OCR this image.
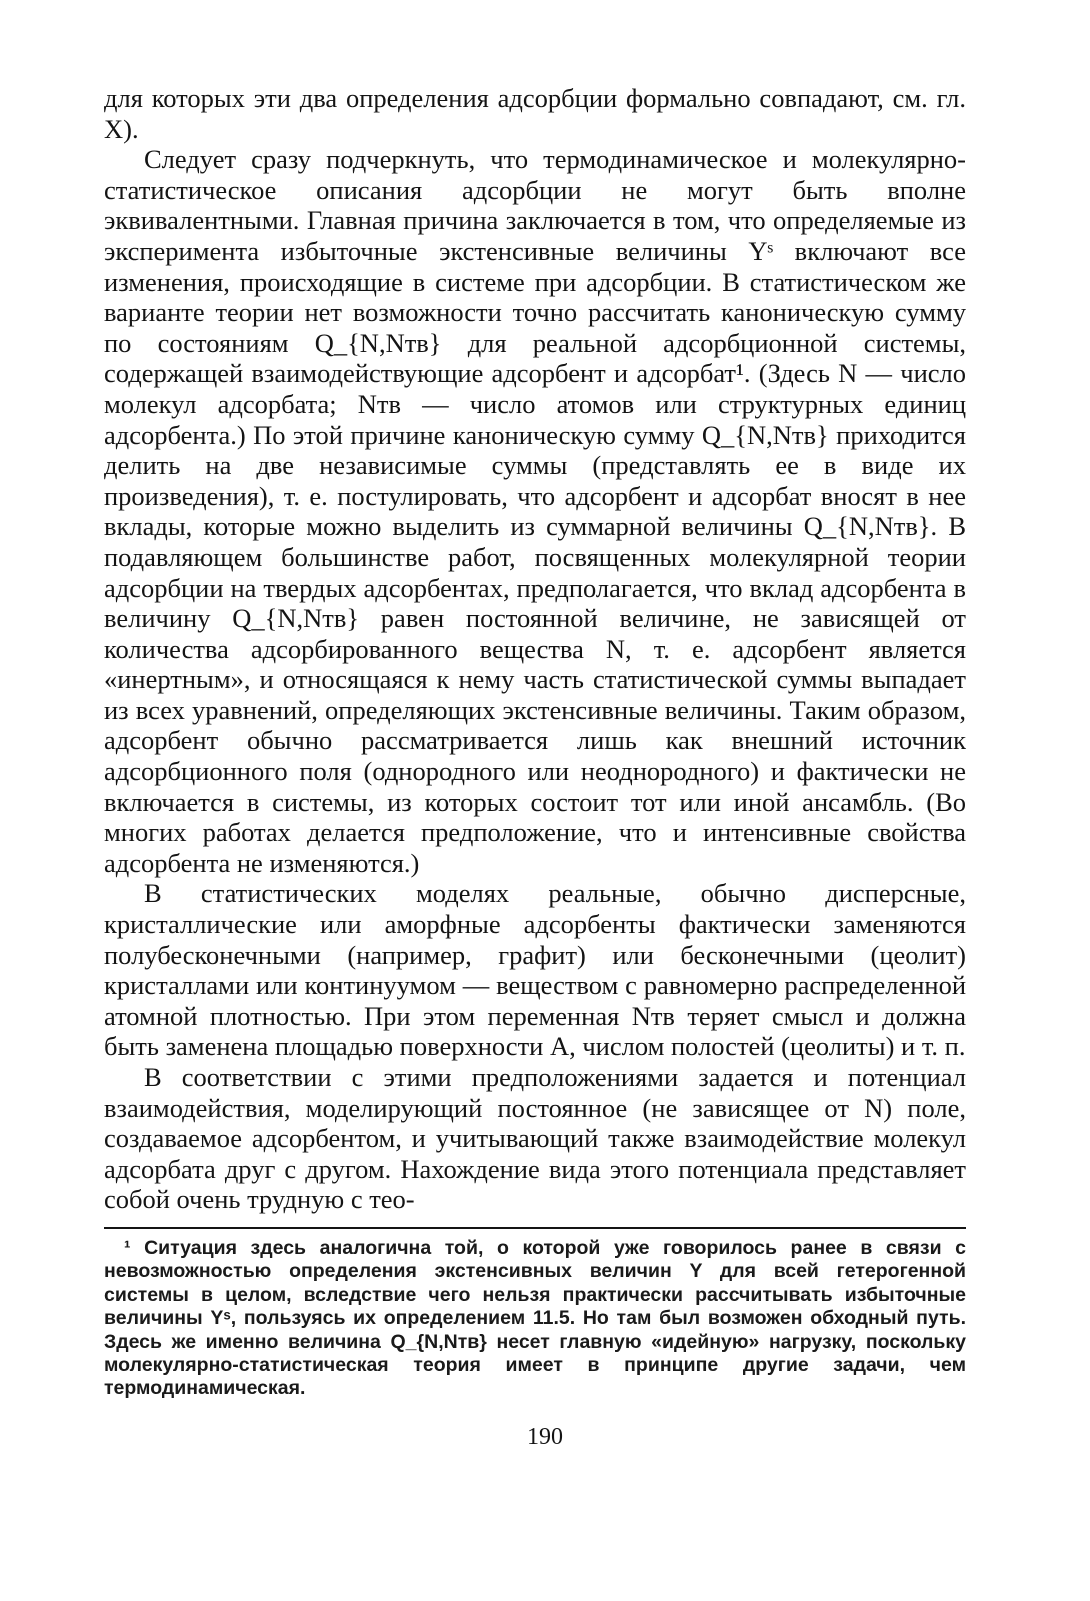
для которых эти два определения адсорбции формально совпадают, см. гл. X).

Следует сразу подчеркнуть, что термодинамическое и молекулярно-статистическое описания адсорбции не могут быть вполне эквивалентными. Главная причина заключается в том, что определяемые из эксперимента избыточные экстенсивные величины Yˢ включают все изменения, происходящие в системе при адсорбции. В статистическом же варианте теории нет возможности точно рассчитать каноническую сумму по состояниям Q_{N,Nтв} для реальной адсорбционной системы, содержащей взаимодействующие адсорбент и адсорбат¹. (Здесь N — число молекул адсорбата; Nтв — число атомов или структурных единиц адсорбента.) По этой причине каноническую сумму Q_{N,Nтв} приходится делить на две независимые суммы (представлять ее в виде их произведения), т. е. постулировать, что адсорбент и адсорбат вносят в нее вклады, которые можно выделить из суммарной величины Q_{N,Nтв}. В подавляющем большинстве работ, посвященных молекулярной теории адсорбции на твердых адсорбентах, предполагается, что вклад адсорбента в величину Q_{N,Nтв} равен постоянной величине, не зависящей от количества адсорбированного вещества N, т. е. адсорбент является «инертным», и относящаяся к нему часть статистической суммы выпадает из всех уравнений, определяющих экстенсивные величины. Таким образом, адсорбент обычно рассматривается лишь как внешний источник адсорбционного поля (однородного или неоднородного) и фактически не включается в системы, из которых состоит тот или иной ансамбль. (Во многих работах делается предположение, что и интенсивные свойства адсорбента не изменяются.)

В статистических моделях реальные, обычно дисперсные, кристаллические или аморфные адсорбенты фактически заменяются полубесконечными (например, графит) или бесконечными (цеолит) кристаллами или континуумом — веществом с равномерно распределенной атомной плотностью. При этом переменная Nтв теряет смысл и должна быть заменена площадью поверхности A, числом полостей (цеолиты) и т. п.

В соответствии с этими предположениями задается и потенциал взаимодействия, моделирующий постоянное (не зависящее от N) поле, создаваемое адсорбентом, и учитывающий также взаимодействие молекул адсорбата друг с другом. Нахождение вида этого потенциала представляет собой очень трудную с тео-

¹ Ситуация здесь аналогична той, о которой уже говорилось ранее в связи с невозможностью определения экстенсивных величин Y для всей гетерогенной системы в целом, вследствие чего нельзя практически рассчитывать избыточные величины Yˢ, пользуясь их определением 11.5. Но там был возможен обходный путь. Здесь же именно величина Q_{N,Nтв} несет главную «идейную» нагрузку, поскольку молекулярно-статистическая теория имеет в принципе другие задачи, чем термодинамическая.

190
